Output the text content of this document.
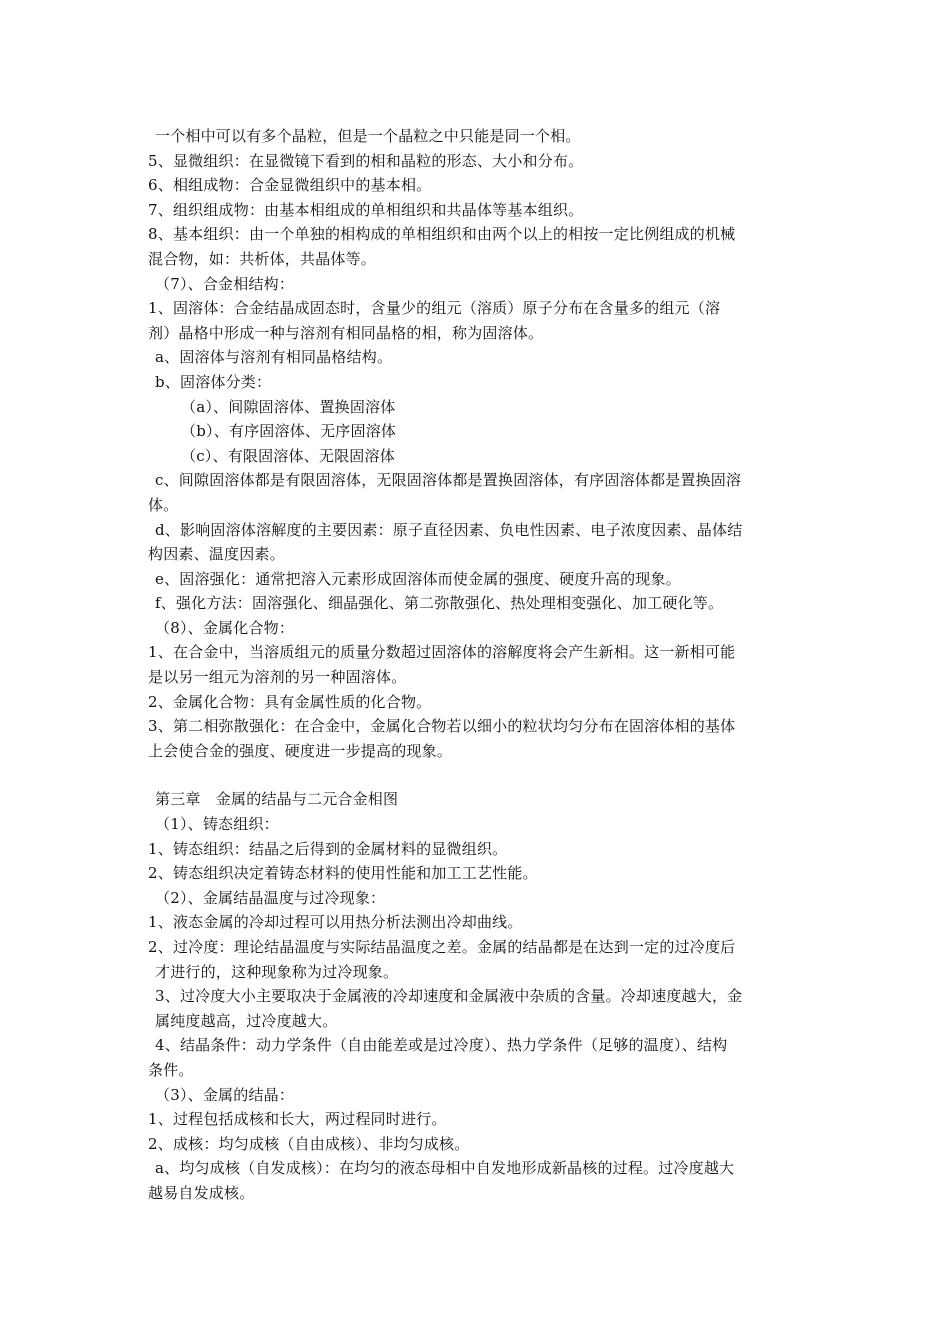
一个相中可以有多个晶粒，但是一个晶粒之中只能是同一个相。
5、显微组织：在显微镜下看到的相和晶粒的形态、大小和分布。
6、相组成物：合金显微组织中的基本相。
7、组织组成物：由基本相组成的单相组织和共晶体等基本组织。
8、基本组织：由一个单独的相构成的单相组织和由两个以上的相按一定比例组成的机械
混合物，如：共析体，共晶体等。
（7）、合金相结构：
1、固溶体：合金结晶成固态时，含量少的组元（溶质）原子分布在含量多的组元（溶
剂）晶格中形成一种与溶剂有相同晶格的相，称为固溶体。
a、固溶体与溶剂有相同晶格结构。
b、固溶体分类：
（a）、间隙固溶体、置换固溶体
（b）、有序固溶体、无序固溶体
（c）、有限固溶体、无限固溶体
c、间隙固溶体都是有限固溶体，无限固溶体都是置换固溶体，有序固溶体都是置换固溶
体。
d、影响固溶体溶解度的主要因素：原子直径因素、负电性因素、电子浓度因素、晶体结
构因素、温度因素。
e、固溶强化：通常把溶入元素形成固溶体而使金属的强度、硬度升高的现象。
f、强化方法：固溶强化、细晶强化、第二弥散强化、热处理相变强化、加工硬化等。
（8）、金属化合物：
1、在合金中，当溶质组元的质量分数超过固溶体的溶解度将会产生新相。这一新相可能
是以另一组元为溶剂的另一种固溶体。
2、金属化合物：具有金属性质的化合物。
3、第二相弥散强化：在合金中，金属化合物若以细小的粒状均匀分布在固溶体相的基体
上会使合金的强度、硬度进一步提高的现象。
第三章　金属的结晶与二元合金相图
（1）、铸态组织：
1、铸态组织：结晶之后得到的金属材料的显微组织。
2、铸态组织决定着铸态材料的使用性能和加工工艺性能。
（2）、金属结晶温度与过冷现象：
1、液态金属的冷却过程可以用热分析法测出冷却曲线。
2、过冷度：理论结晶温度与实际结晶温度之差。金属的结晶都是在达到一定的过冷度后
才进行的，这种现象称为过冷现象。
3、过冷度大小主要取决于金属液的冷却速度和金属液中杂质的含量。冷却速度越大，金
属纯度越高，过冷度越大。
4、结晶条件：动力学条件（自由能差或是过冷度）、热力学条件（足够的温度）、结构
条件。
（3）、金属的结晶：
1、过程包括成核和长大，两过程同时进行。
2、成核：均匀成核（自由成核）、非均匀成核。
a、均匀成核（自发成核）：在均匀的液态母相中自发地形成新晶核的过程。过冷度越大
越易自发成核。
